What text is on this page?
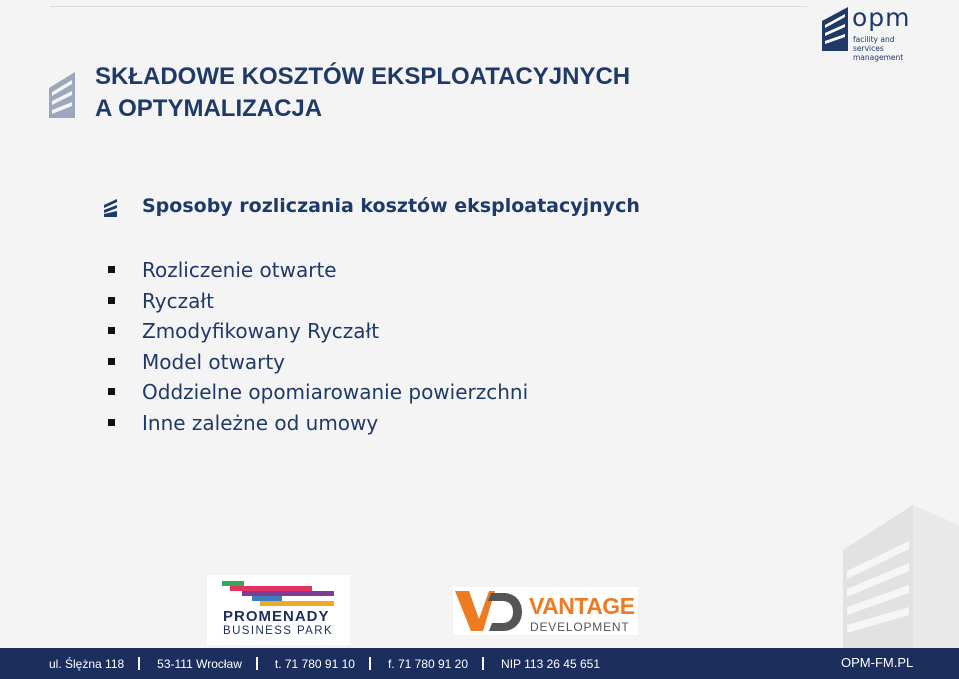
opm
facility and services
management
SKŁADOWE KOSZTÓW EKSPLOATACYJNYCH
A OPTYMALIZACJA
Sposoby rozliczania kosztów eksploatacyjnych
Rozliczenie otwarte
Ryczałt
Zmodyfikowany Ryczałt
Model otwarty
Oddzielne opomiarowanie powierzchni
Inne zależne od umowy
PROMENADY
BUSINESS PARK
VANTAGE
DEVELOPMENT
ul. Ślężna 118	53-111 Wrocław	t. 71 780 91 10	f. 71 780 91 20	NIP 113 26 45 651	OPM-FM.PL
